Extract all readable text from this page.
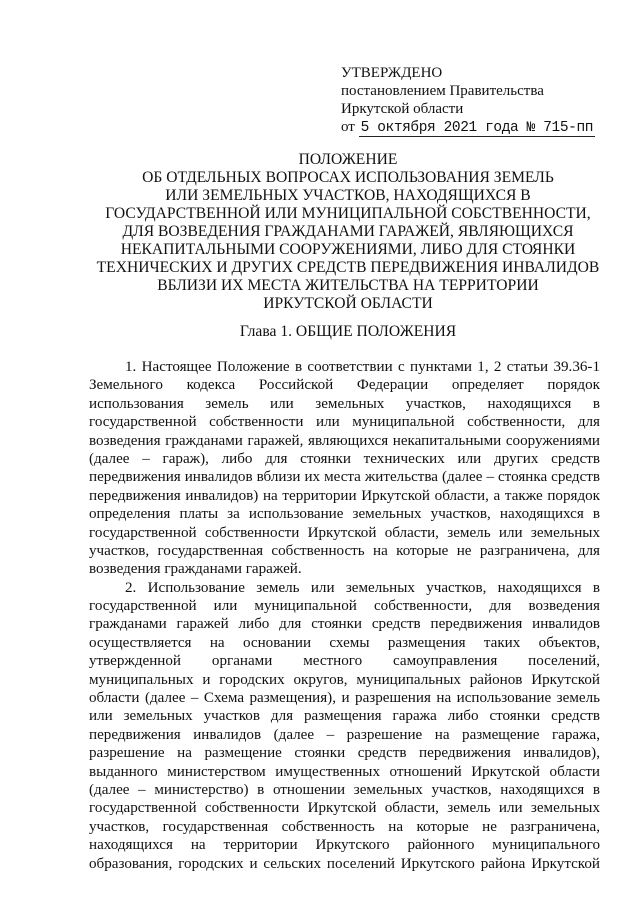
УТВЕРЖДЕНО
постановлением Правительства
Иркутской области
от 5 октября 2021 года № 715-пп
ПОЛОЖЕНИЕ
ОБ ОТДЕЛЬНЫХ ВОПРОСАХ ИСПОЛЬЗОВАНИЯ ЗЕМЕЛЬ
ИЛИ ЗЕМЕЛЬНЫХ УЧАСТКОВ, НАХОДЯЩИХСЯ В
ГОСУДАРСТВЕННОЙ ИЛИ МУНИЦИПАЛЬНОЙ СОБСТВЕННОСТИ,
ДЛЯ ВОЗВЕДЕНИЯ ГРАЖДАНАМИ ГАРАЖЕЙ, ЯВЛЯЮЩИХСЯ
НЕКАПИТАЛЬНЫМИ СООРУЖЕНИЯМИ, ЛИБО ДЛЯ СТОЯНКИ
ТЕХНИЧЕСКИХ И ДРУГИХ СРЕДСТВ ПЕРЕДВИЖЕНИЯ ИНВАЛИДОВ
ВБЛИЗИ ИХ МЕСТА ЖИТЕЛЬСТВА НА ТЕРРИТОРИИ
ИРКУТСКОЙ ОБЛАСТИ
Глава 1. ОБЩИЕ ПОЛОЖЕНИЯ
1. Настоящее Положение в соответствии с пунктами 1, 2 статьи 39.36-1
Земельного кодекса Российской Федерации определяет порядок
использования земель или земельных участков, находящихся в
государственной собственности или муниципальной собственности, для
возведения гражданами гаражей, являющихся некапитальными сооружениями
(далее – гараж), либо для стоянки технических или других средств
передвижения инвалидов вблизи их места жительства (далее – стоянка средств
передвижения инвалидов) на территории Иркутской области, а также порядок
определения платы за использование земельных участков, находящихся в
государственной собственности Иркутской области, земель или земельных
участков, государственная собственность на которые не разграничена, для
возведения гражданами гаражей.
2. Использование земель или земельных участков, находящихся в
государственной или муниципальной собственности, для возведения
гражданами гаражей либо для стоянки средств передвижения инвалидов
осуществляется на основании схемы размещения таких объектов,
утвержденной органами местного самоуправления поселений,
муниципальных и городских округов, муниципальных районов Иркутской
области (далее – Схема размещения), и разрешения на использование земель
или земельных участков для размещения гаража либо стоянки средств
передвижения инвалидов (далее – разрешение на размещение гаража,
разрешение на размещение стоянки средств передвижения инвалидов),
выданного министерством имущественных отношений Иркутской области
(далее – министерство) в отношении земельных участков, находящихся в
государственной собственности Иркутской области, земель или земельных
участков, государственная собственность на которые не разграничена,
находящихся на территории Иркутского районного муниципального
образования, городских и сельских поселений Иркутского района Иркутской
